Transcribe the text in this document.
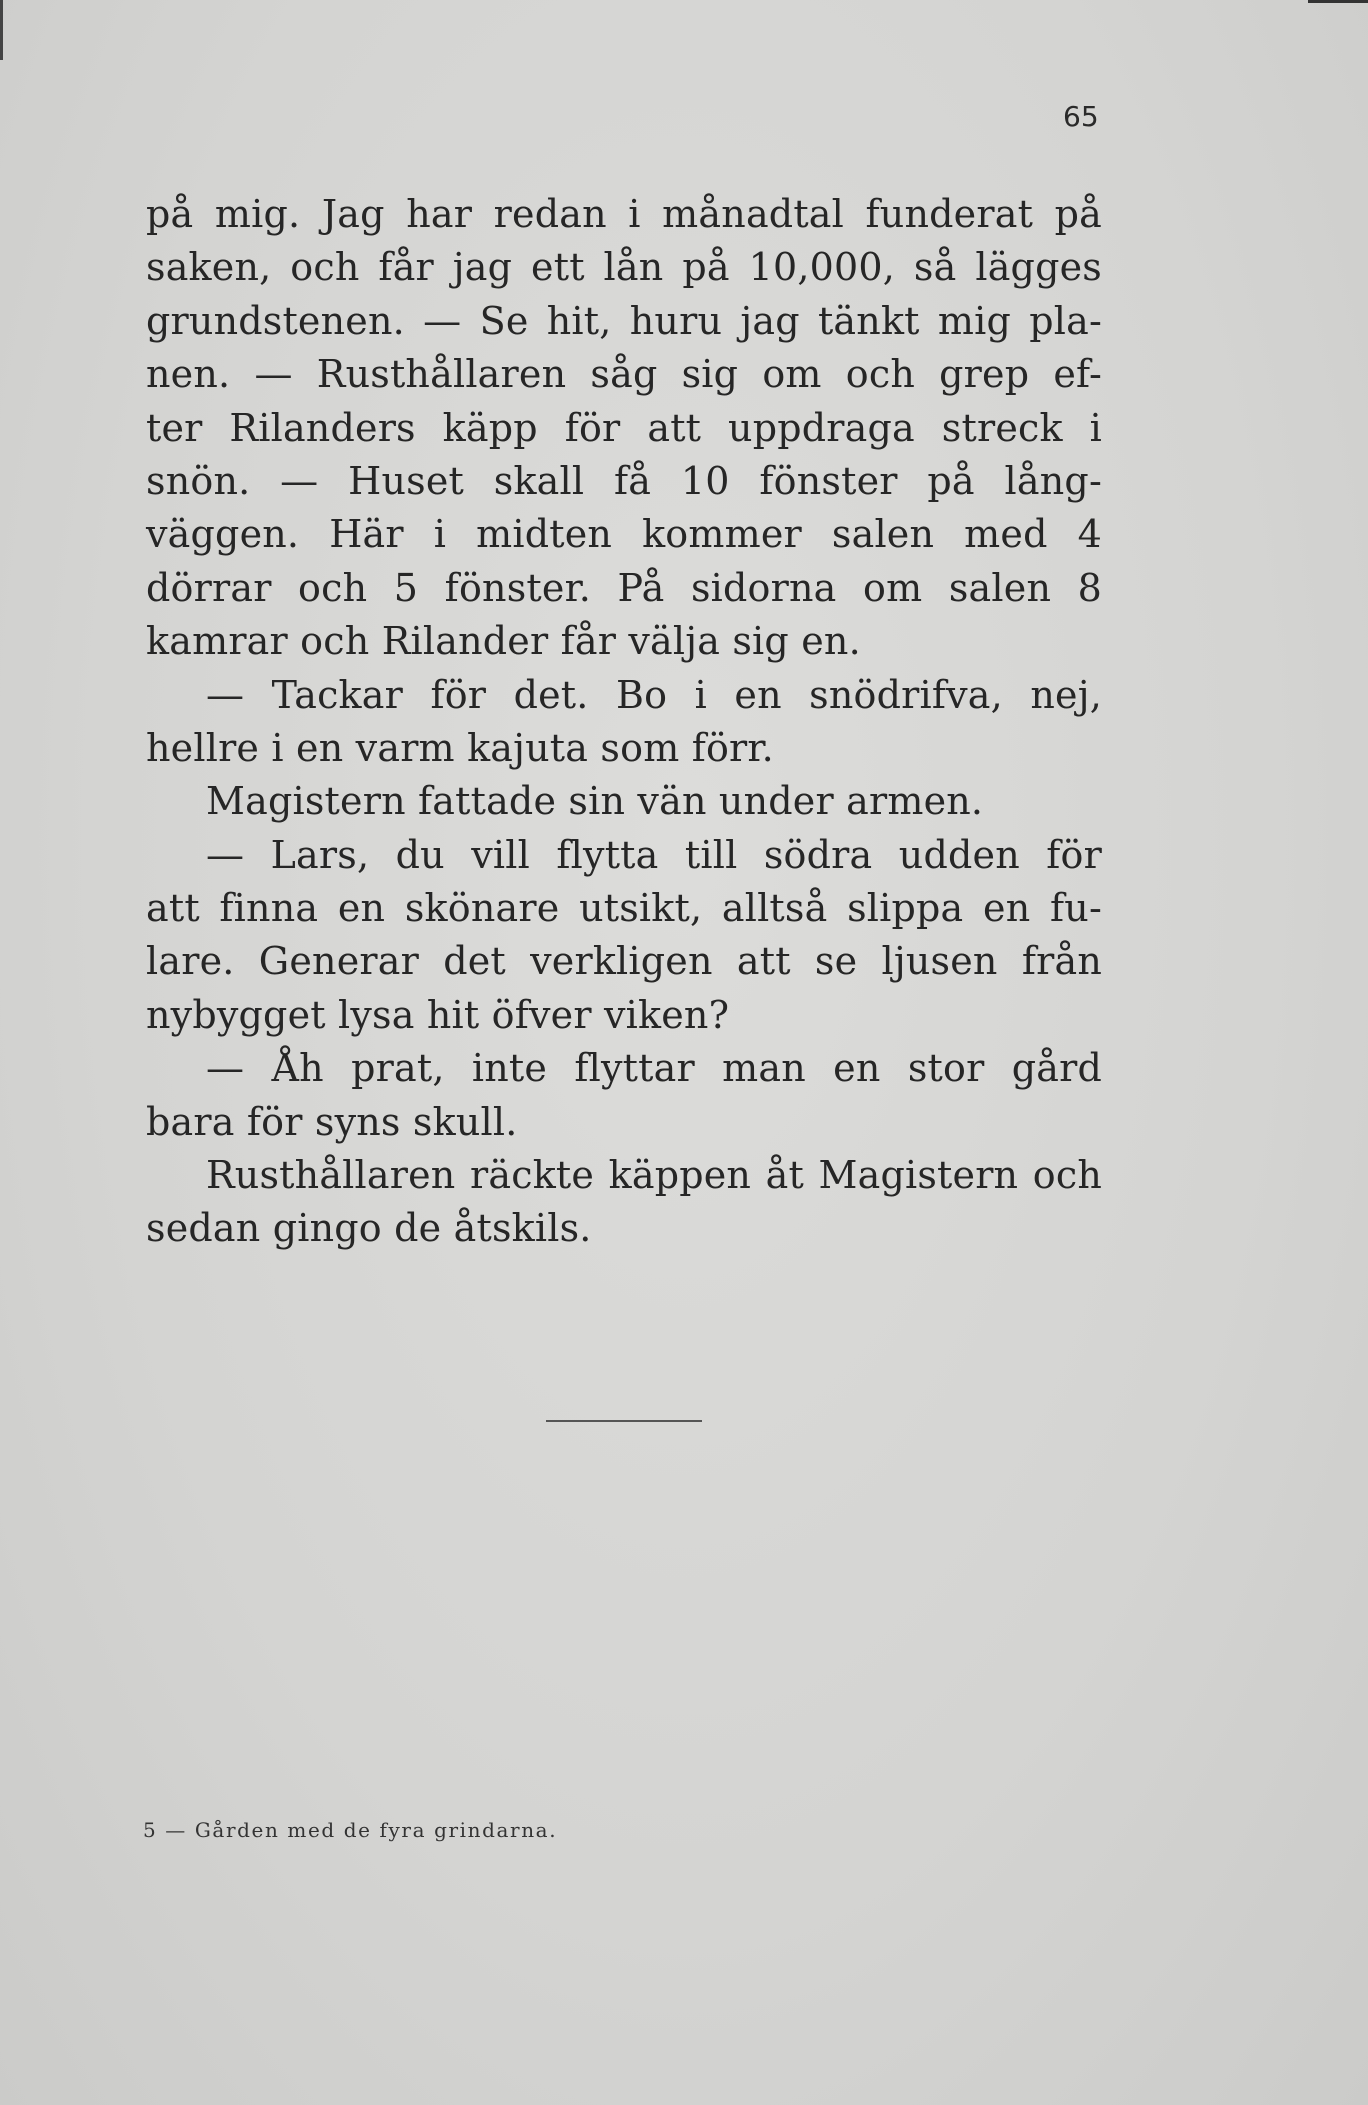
65
på mig. Jag har redan i månadtal funderat på
saken, och får jag ett lån på 10,000, så lägges
grundstenen. — Se hit, huru jag tänkt mig pla-
nen. — Rusthållaren såg sig om och grep ef-
ter Rilanders käpp för att uppdraga streck i
snön. — Huset skall få 10 fönster på lång-
väggen. Här i midten kommer salen med 4
dörrar och 5 fönster. På sidorna om salen 8
kamrar och Rilander får välja sig en.
— Tackar för det. Bo i en snödrifva, nej,
hellre i en varm kajuta som förr.
Magistern fattade sin vän under armen.
— Lars, du vill flytta till södra udden för
att finna en skönare utsikt, alltså slippa en fu-
lare. Generar det verkligen att se ljusen från
nybygget lysa hit öfver viken?
— Åh prat, inte flyttar man en stor gård
bara för syns skull.
Rusthållaren räckte käppen åt Magistern och
sedan gingo de åtskils.
5 — Gården med de fyra grindarna.
